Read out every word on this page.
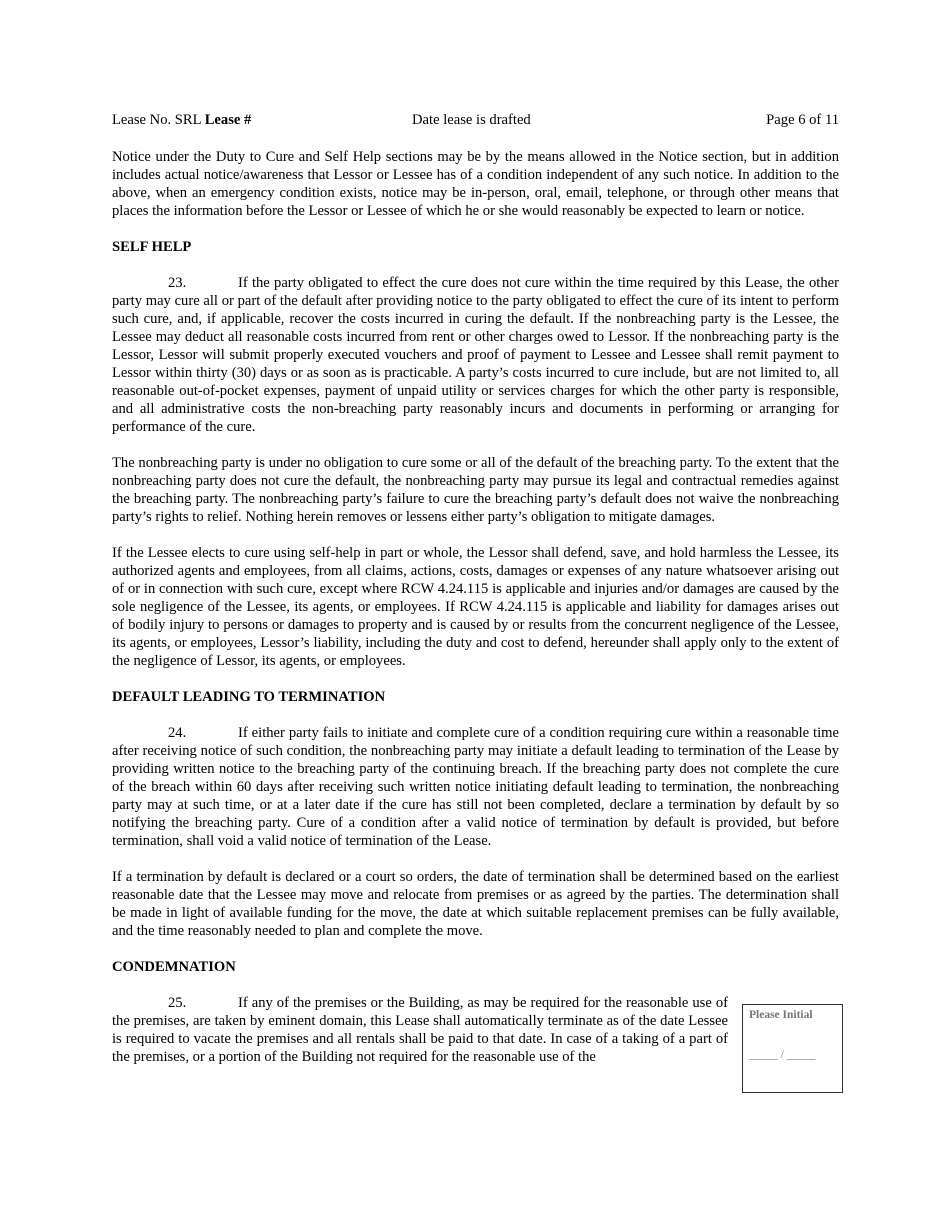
Lease No. SRL Lease #	Date lease is drafted	Page 6 of 11

Notice under the Duty to Cure and Self Help sections may be by the means allowed in the Notice section, but in addition includes actual notice/awareness that Lessor or Lessee has of a condition independent of any such notice. In addition to the above, when an emergency condition exists, notice may be in-person, oral, email, telephone, or through other means that places the information before the Lessor or Lessee of which he or she would reasonably be expected to learn or notice.

SELF HELP

23.	If the party obligated to effect the cure does not cure within the time required by this Lease, the other party may cure all or part of the default after providing notice to the party obligated to effect the cure of its intent to perform such cure, and, if applicable, recover the costs incurred in curing the default. If the nonbreaching party is the Lessee, the Lessee may deduct all reasonable costs incurred from rent or other charges owed to Lessor. If the nonbreaching party is the Lessor, Lessor will submit properly executed vouchers and proof of payment to Lessee and Lessee shall remit payment to Lessor within thirty (30) days or as soon as is practicable. A party’s costs incurred to cure include, but are not limited to, all reasonable out-of-pocket expenses, payment of unpaid utility or services charges for which the other party is responsible, and all administrative costs the non-breaching party reasonably incurs and documents in performing or arranging for performance of the cure.

The nonbreaching party is under no obligation to cure some or all of the default of the breaching party. To the extent that the nonbreaching party does not cure the default, the nonbreaching party may pursue its legal and contractual remedies against the breaching party. The nonbreaching party’s failure to cure the breaching party’s default does not waive the nonbreaching party’s rights to relief. Nothing herein removes or lessens either party’s obligation to mitigate damages.

If the Lessee elects to cure using self-help in part or whole, the Lessor shall defend, save, and hold harmless the Lessee, its authorized agents and employees, from all claims, actions, costs, damages or expenses of any nature whatsoever arising out of or in connection with such cure, except where RCW 4.24.115 is applicable and injuries and/or damages are caused by the sole negligence of the Lessee, its agents, or employees. If RCW 4.24.115 is applicable and liability for damages arises out of bodily injury to persons or damages to property and is caused by or results from the concurrent negligence of the Lessee, its agents, or employees, Lessor’s liability, including the duty and cost to defend, hereunder shall apply only to the extent of the negligence of Lessor, its agents, or employees.

DEFAULT LEADING TO TERMINATION

24.	If either party fails to initiate and complete cure of a condition requiring cure within a reasonable time after receiving notice of such condition, the nonbreaching party may initiate a default leading to termination of the Lease by providing written notice to the breaching party of the continuing breach. If the breaching party does not complete the cure of the breach within 60 days after receiving such written notice initiating default leading to termination, the nonbreaching party may at such time, or at a later date if the cure has still not been completed, declare a termination by default by so notifying the breaching party. Cure of a condition after a valid notice of termination by default is provided, but before termination, shall void a valid notice of termination of the Lease.

If a termination by default is declared or a court so orders, the date of termination shall be determined based on the earliest reasonable date that the Lessee may move and relocate from premises or as agreed by the parties. The determination shall be made in light of available funding for the move, the date at which suitable replacement premises can be fully available, and the time reasonably needed to plan and complete the move.

CONDEMNATION

25.	If any of the premises or the Building, as may be required for the reasonable use of the premises, are taken by eminent domain, this Lease shall automatically terminate as of the date Lessee is required to vacate the premises and all rentals shall be paid to that date. In case of a taking of a part of the premises, or a portion of the Building not required for the reasonable use of the

Please Initial
_____ / _____
